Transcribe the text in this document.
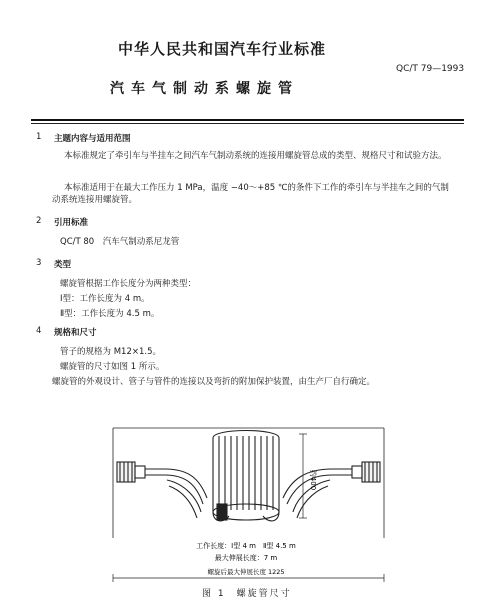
中华人民共和国汽车行业标准
QC/T 79—1993
汽车气制动系螺旋管
1 主题内容与适用范围
本标准规定了牵引车与半挂车之间汽车气制动系统的连接用螺旋管总成的类型、规格尺寸和试验方法。
本标准适用于在最大工作压力 1 MPa，温度 −40～+85 ℃的条件下工作的牵引车与半挂车之间的气制动系统连接用螺旋管。
2 引用标准
QC/T 80　汽车气制动系尼龙管
3 类型
螺旋管根据工作长度分为两种类型：
Ⅰ型：工作长度为 4 m。
Ⅱ型：工作长度为 4.5 m。
4 规格和尺寸
管子的规格为 M12×1.5。
螺旋管的尺寸如图 1 所示。
螺旋管的外观设计、管子与管件的连接以及弯折的附加保护装置，由生产厂自行确定。
约400
工作长度：Ⅰ型 4 m　Ⅱ型 4.5 m
最大伸展长度：7 m
螺旋后最大伸展长度 1225
图 1　螺旋管尺寸
